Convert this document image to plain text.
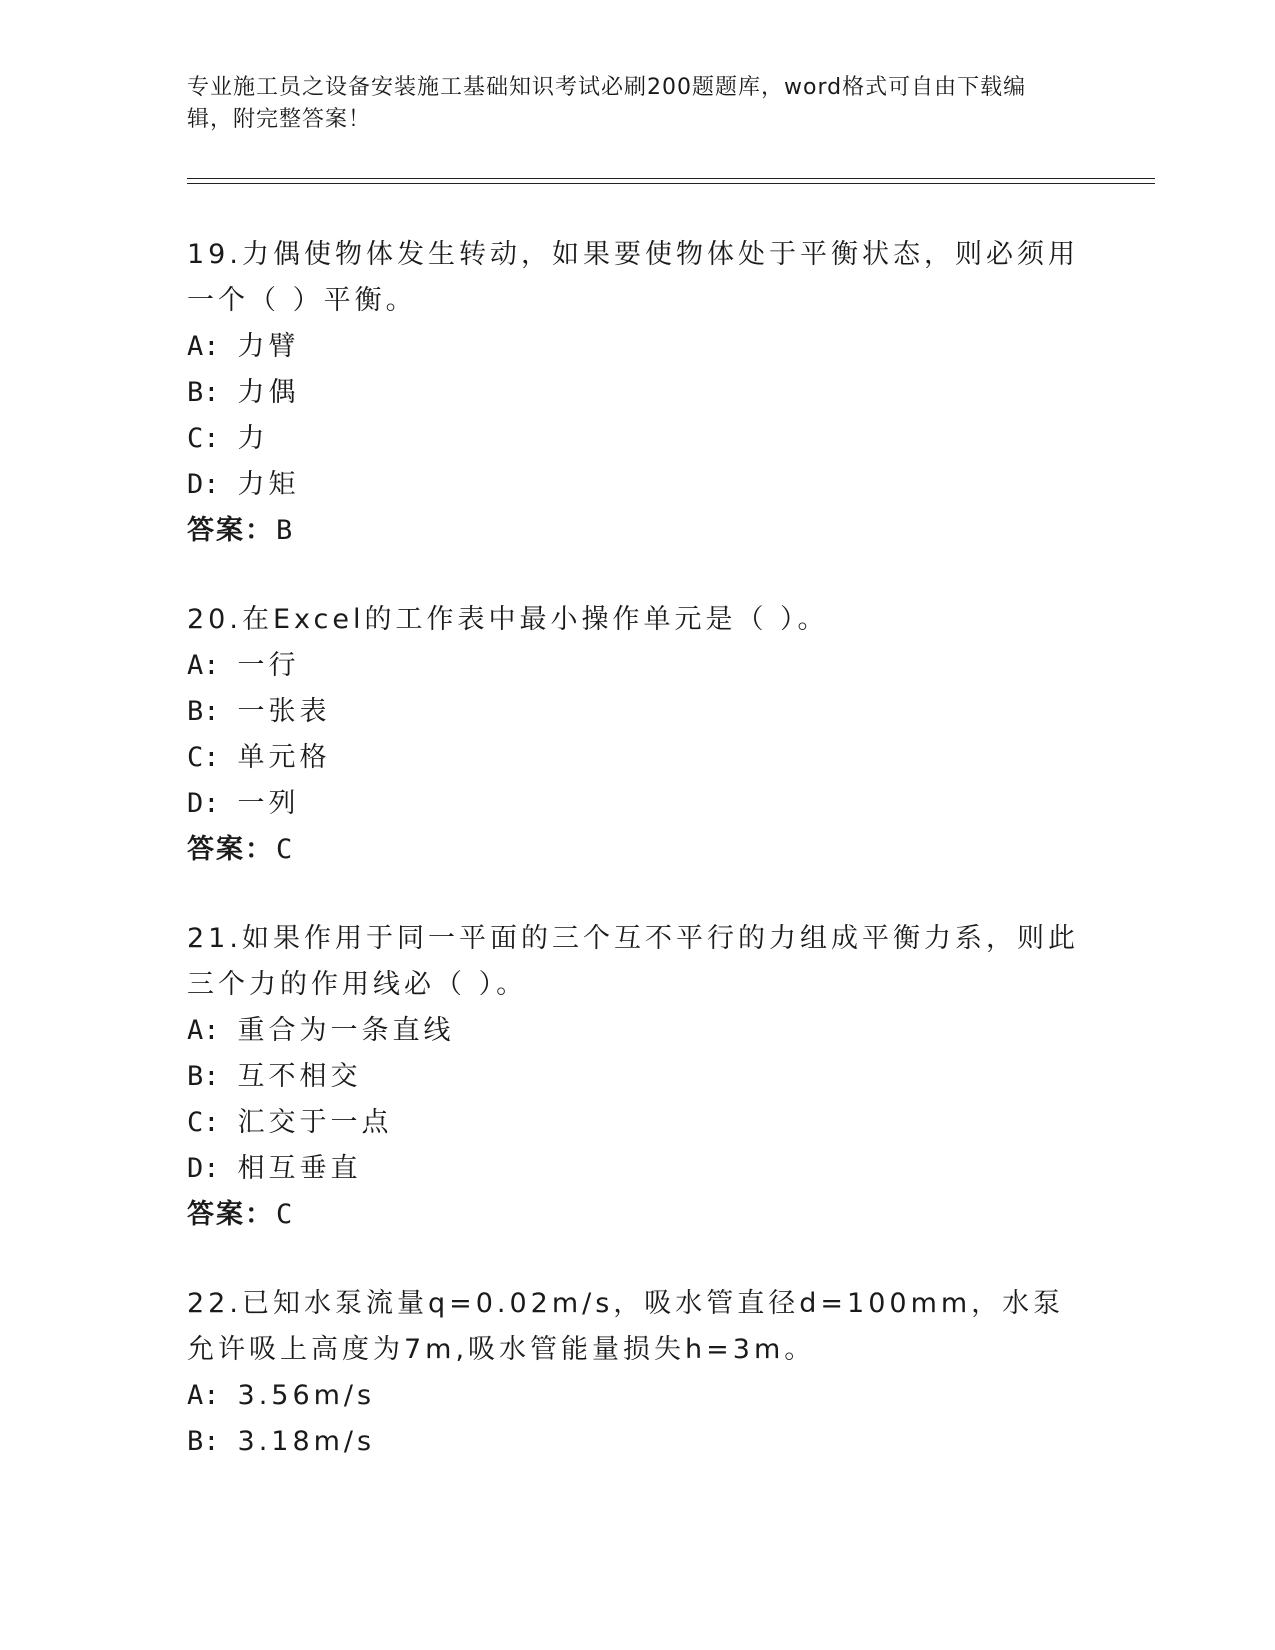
专业施工员之设备安装施工基础知识考试必刷200题题库，word格式可自由下载编辑，附完整答案！

19.力偶使物体发生转动，如果要使物体处于平衡状态，则必须用一个（ ）平衡。

A: 力臂
B: 力偶
C: 力
D: 力矩
答案：B

20.在Excel的工作表中最小操作单元是（ ）。

A: 一行
B: 一张表
C: 单元格
D: 一列
答案：C

21.如果作用于同一平面的三个互不平行的力组成平衡力系，则此三个力的作用线必（ ）。

A: 重合为一条直线
B: 互不相交
C: 汇交于一点
D: 相互垂直
答案：C

22.已知水泵流量q=0.02m/s，吸水管直径d=100mm，水泵允许吸上高度为7m,吸水管能量损失h=3m。

A: 3.56m/s
B: 3.18m/s
